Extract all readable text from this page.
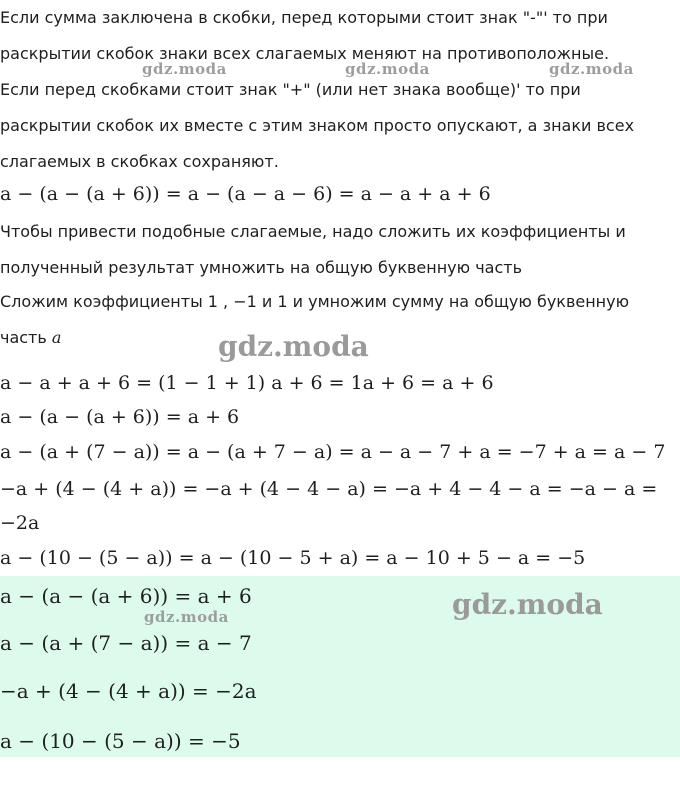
Если сумма заключена в скобки, перед которыми стоит знак "-"' то при
раскрытии скобок знаки всех слагаемых меняют на противоположные.
Если перед скобками стоит знак "+" (или нет знака вообще)' то при
раскрытии скобок их вместе с этим знаком просто опускают, а знаки всех
слагаемых в скобках сохраняют.
a − (a − (a + 6)) = a − (a − a − 6) = a − a + a + 6
Чтобы привести подобные слагаемые, надо сложить их коэффициенты и
полученный результат умножить на общую буквенную часть
Сложим коэффициенты 1 , −1 и 1 и умножим сумму на общую буквенную
часть a
a − a + a + 6 = (1 − 1 + 1) a + 6 = 1a + 6 = a + 6
a − (a − (a + 6)) = a + 6
a − (a + (7 − a)) = a − (a + 7 − a) = a − a − 7 + a = −7 + a = a − 7
−a + (4 − (4 + a)) = −a + (4 − 4 − a) = −a + 4 − 4 − a = −a − a =
−2a
a − (10 − (5 − a)) = a − (10 − 5 + a) = a − 10 + 5 − a = −5
a − (a − (a + 6)) = a + 6
a − (a + (7 − a)) = a − 7
−a + (4 − (4 + a)) = −2a
a − (10 − (5 − a)) = −5
gdz.moda	gdz.moda	gdz.moda
gdz.moda
gdz.moda
gdz.moda
